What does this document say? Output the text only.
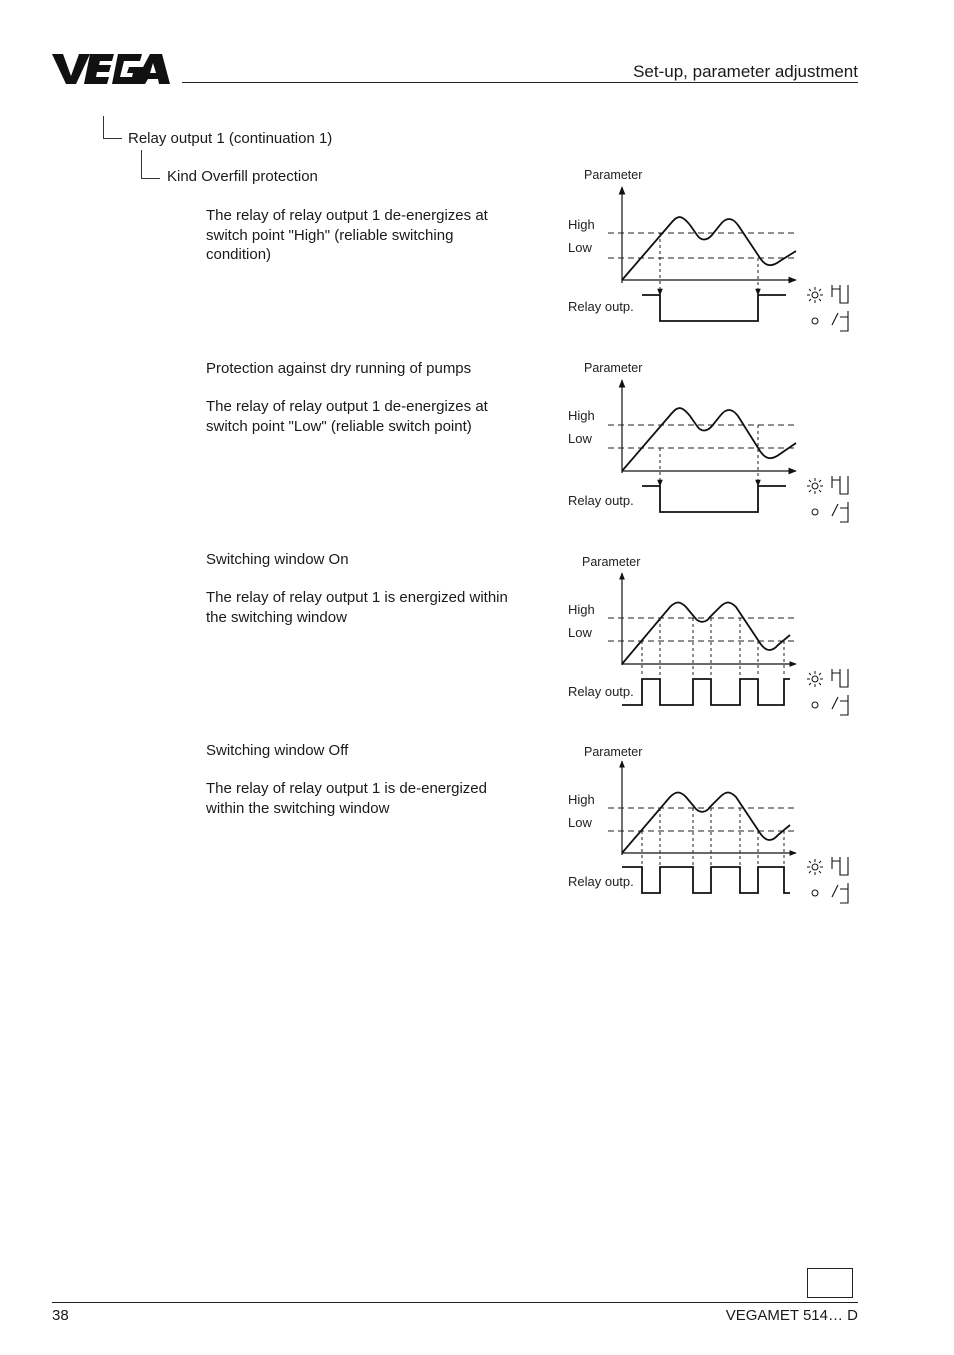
Set-up, parameter adjustment
Relay output 1 (continuation 1)
Kind Overfill protection
The relay of relay output 1 de-energizes at switch point "High" (reliable switching condition)
Protection against dry running of pumps
The relay of relay output 1 de-energizes at switch point "Low" (reliable switch point)
Switching window On
The relay of relay output 1 is energized within the switching window
Switching window Off
The relay of relay output 1 is de-energized within the switching window
Parameter
High
Low
Relay outp.
Parameter
High
Low
Relay outp.
Parameter
High
Low
Relay outp.
Parameter
High
Low
Relay outp.
38	VEGAMET 514… D
